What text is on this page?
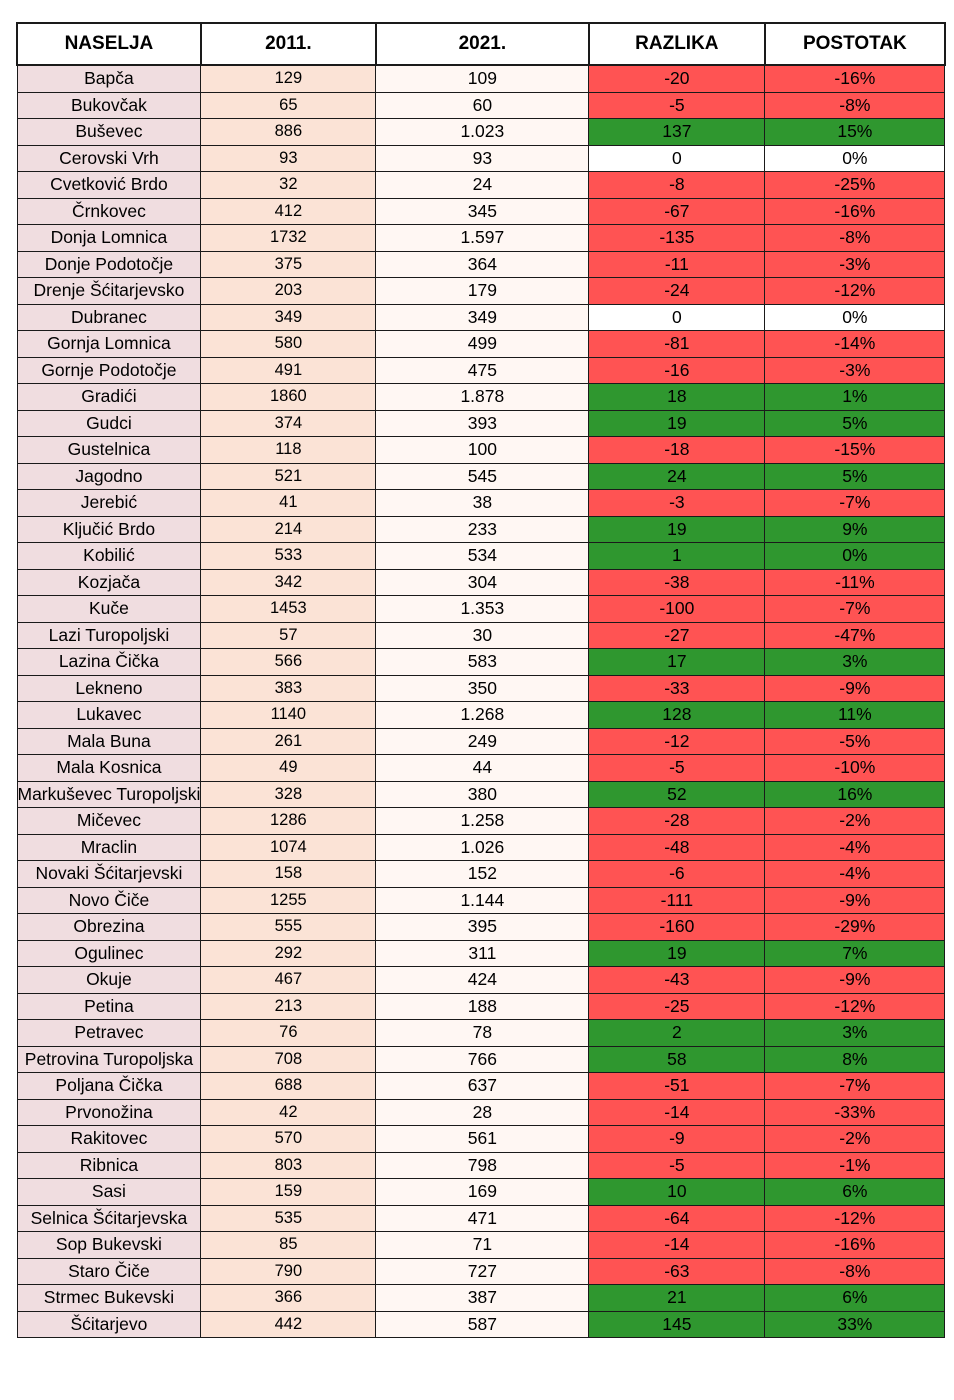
NASELJA	2011.	2021.	RAZLIKA	POSTOTAK
Bapča	129	109	-20	-16%
Bukovčak	65	60	-5	-8%
Buševec	886	1.023	137	15%
Cerovski Vrh	93	93	0	0%
Cvetković Brdo	32	24	-8	-25%
Črnkovec	412	345	-67	-16%
Donja Lomnica	1732	1.597	-135	-8%
Donje Podotočje	375	364	-11	-3%
Drenje Šćitarjevsko	203	179	-24	-12%
Dubranec	349	349	0	0%
Gornja Lomnica	580	499	-81	-14%
Gornje Podotočje	491	475	-16	-3%
Gradići	1860	1.878	18	1%
Gudci	374	393	19	5%
Gustelnica	118	100	-18	-15%
Jagodno	521	545	24	5%
Jerebić	41	38	-3	-7%
Ključić Brdo	214	233	19	9%
Kobilić	533	534	1	0%
Kozjača	342	304	-38	-11%
Kuče	1453	1.353	-100	-7%
Lazi Turopoljski	57	30	-27	-47%
Lazina Čička	566	583	17	3%
Lekneno	383	350	-33	-9%
Lukavec	1140	1.268	128	11%
Mala Buna	261	249	-12	-5%
Mala Kosnica	49	44	-5	-10%
Markuševec Turopoljski	328	380	52	16%
Mičevec	1286	1.258	-28	-2%
Mraclin	1074	1.026	-48	-4%
Novaki Šćitarjevski	158	152	-6	-4%
Novo Čiče	1255	1.144	-111	-9%
Obrezina	555	395	-160	-29%
Ogulinec	292	311	19	7%
Okuje	467	424	-43	-9%
Petina	213	188	-25	-12%
Petravec	76	78	2	3%
Petrovina Turopoljska	708	766	58	8%
Poljana Čička	688	637	-51	-7%
Prvonožina	42	28	-14	-33%
Rakitovec	570	561	-9	-2%
Ribnica	803	798	-5	-1%
Sasi	159	169	10	6%
Selnica Šćitarjevska	535	471	-64	-12%
Sop Bukevski	85	71	-14	-16%
Staro Čiče	790	727	-63	-8%
Strmec Bukevski	366	387	21	6%
Šćitarjevo	442	587	145	33%
